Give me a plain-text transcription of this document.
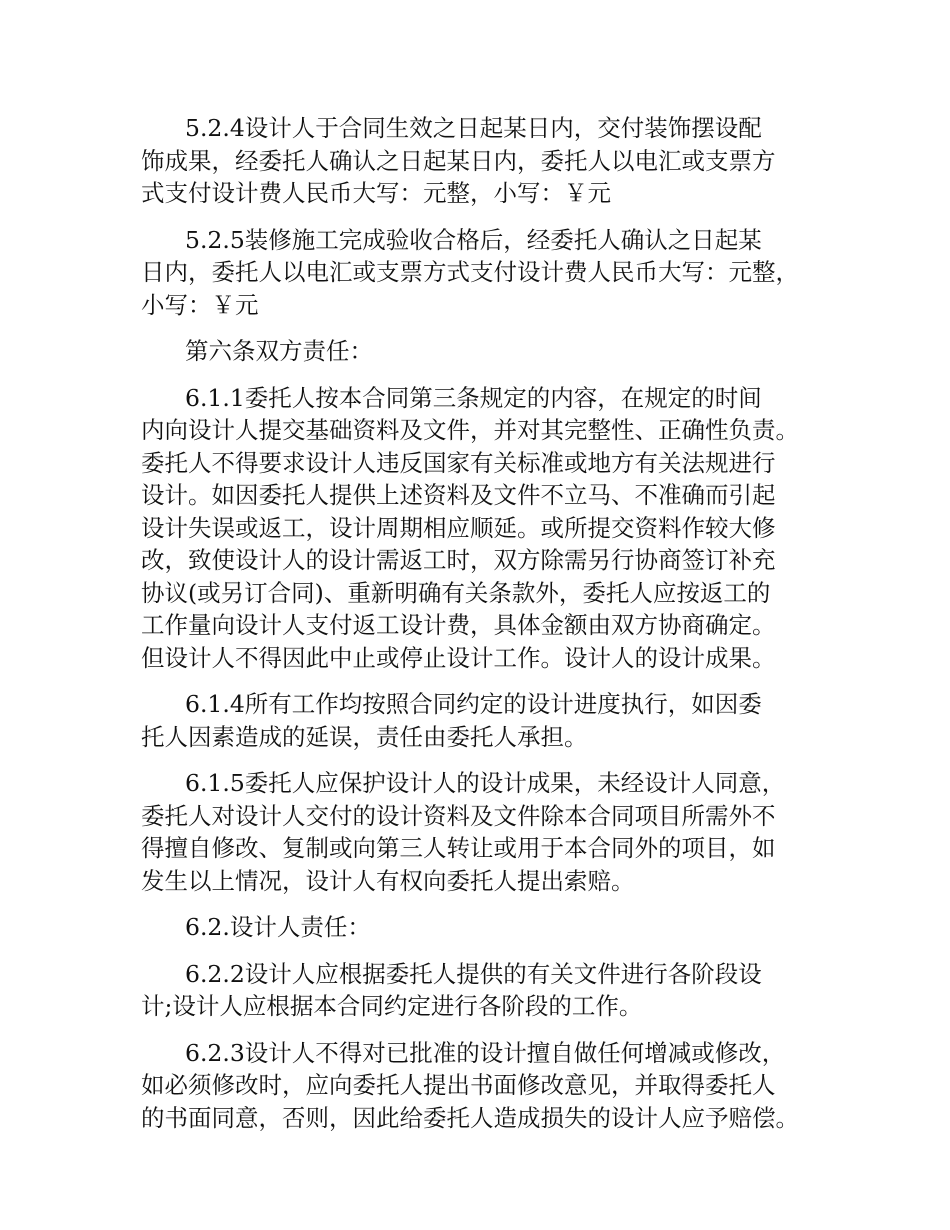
5.2.4设计人于合同生效之日起某日内，交付装饰摆设配
饰成果，经委托人确认之日起某日内，委托人以电汇或支票方
式支付设计费人民币大写：元整，小写：￥元

5.2.5装修施工完成验收合格后，经委托人确认之日起某
日内，委托人以电汇或支票方式支付设计费人民币大写：元整，
小写：￥元

第六条双方责任：

6.1.1委托人按本合同第三条规定的内容，在规定的时间
内向设计人提交基础资料及文件，并对其完整性、正确性负责。
委托人不得要求设计人违反国家有关标准或地方有关法规进行
设计。如因委托人提供上述资料及文件不立马、不准确而引起
设计失误或返工，设计周期相应顺延。或所提交资料作较大修
改，致使设计人的设计需返工时，双方除需另行协商签订补充
协议(或另订合同)、重新明确有关条款外，委托人应按返工的
工作量向设计人支付返工设计费，具体金额由双方协商确定。
但设计人不得因此中止或停止设计工作。设计人的设计成果。

6.1.4所有工作均按照合同约定的设计进度执行，如因委
托人因素造成的延误，责任由委托人承担。

6.1.5委托人应保护设计人的设计成果，未经设计人同意，
委托人对设计人交付的设计资料及文件除本合同项目所需外不
得擅自修改、复制或向第三人转让或用于本合同外的项目，如
发生以上情况，设计人有权向委托人提出索赔。

6.2.设计人责任：

6.2.2设计人应根据委托人提供的有关文件进行各阶段设
计;设计人应根据本合同约定进行各阶段的工作。

6.2.3设计人不得对已批准的设计擅自做任何增减或修改，
如必须修改时，应向委托人提出书面修改意见，并取得委托人
的书面同意，否则，因此给委托人造成损失的设计人应予赔偿。
